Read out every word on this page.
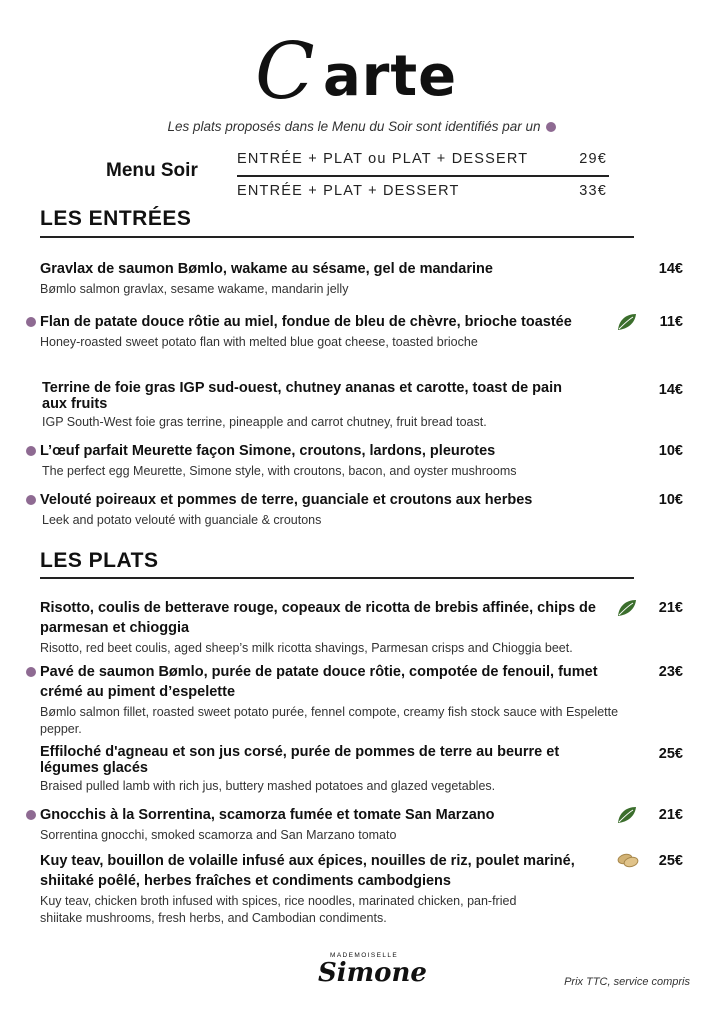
C arte
Les plats proposés dans le Menu du Soir sont identifiés par un
Menu Soir
ENTRÉE + PLAT ou PLAT + DESSERT	29€
ENTRÉE + PLAT + DESSERT	33€
LES ENTRÉES
Gravlax de saumon Bømlo, wakame au sésame, gel de mandarine
Bømlo salmon gravlax, sesame wakame, mandarin jelly
14€
Flan de patate douce rôtie au miel, fondue de bleu de chèvre, brioche toastée
Honey-roasted sweet potato flan with melted blue goat cheese, toasted brioche
11€
Terrine de foie gras IGP sud-ouest, chutney ananas et carotte, toast de pain aux fruits
IGP South-West foie gras terrine, pineapple and carrot chutney, fruit bread toast.
14€
L’œuf parfait Meurette façon Simone, croutons, lardons, pleurotes
The perfect egg Meurette, Simone style, with croutons, bacon, and oyster mushrooms
10€
Velouté poireaux et pommes de terre, guanciale et croutons aux herbes
Leek and potato velouté with guanciale & croutons
10€
LES PLATS
Risotto, coulis de betterave rouge, copeaux de ricotta de brebis affinée, chips de parmesan et chioggia
Risotto, red beet coulis, aged sheep’s milk ricotta shavings, Parmesan crisps and Chioggia beet.
21€
Pavé de saumon Bømlo, purée de patate douce rôtie, compotée de fenouil, fumet crémé au piment d’espelette
Bømlo salmon fillet, roasted sweet potato purée, fennel compote, creamy fish stock sauce with Espelette pepper.
23€
Effiloché d'agneau et son jus corsé, purée de pommes de terre au beurre et légumes glacés
Braised pulled lamb with rich jus, buttery mashed potatoes and glazed vegetables.
25€
Gnocchis à la Sorrentina, scamorza fumée et tomate San Marzano
Sorrentina gnocchi, smoked scamorza and San Marzano tomato
21€
Kuy teav, bouillon de volaille infusé aux épices, nouilles de riz, poulet mariné, shiitaké poêlé, herbes fraîches et condiments cambodgiens
Kuy teav, chicken broth infused with spices, rice noodles, marinated chicken, pan-fried shiitake mushrooms, fresh herbs, and Cambodian condiments.
25€
MADEMOISELLE
Simone	Prix TTC, service compris
